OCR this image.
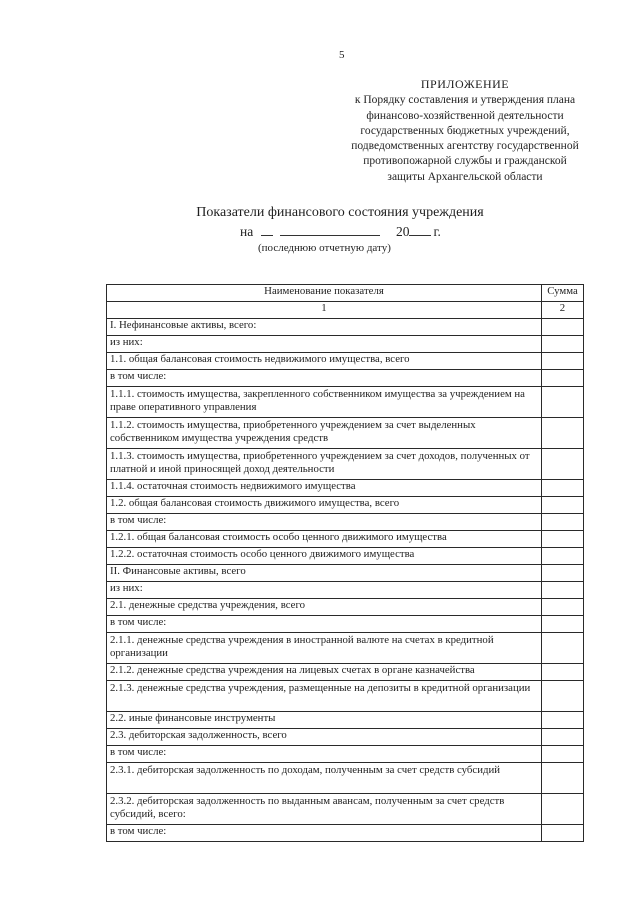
5
ПРИЛОЖЕНИЕ
к Порядку составления и утверждения плана
финансово-хозяйственной деятельности
государственных бюджетных учреждений,
подведомственных агентству государственной
противопожарной службы и гражданской
защиты Архангельской области
Показатели финансового состояния учреждения
на	20 г.
(последнюю отчетную дату)
Наименование показателя	Сумма
1	2
I. Нефинансовые активы, всего:	
из них:	
1.1. общая балансовая стоимость недвижимого имущества, всего	
в том числе:	
1.1.1. стоимость имущества, закрепленного собственником имущества за учреждением на праве оперативного управления	
1.1.2. стоимость имущества, приобретенного учреждением за счет выделенных собственником имущества учреждения средств	
1.1.3. стоимость имущества, приобретенного учреждением за счет доходов, полученных от платной и иной приносящей доход деятельности	
1.1.4. остаточная стоимость недвижимого имущества	
1.2. общая балансовая стоимость движимого имущества, всего	
в том числе:	
1.2.1. общая балансовая стоимость особо ценного движимого имущества	
1.2.2. остаточная стоимость особо ценного движимого имущества	
II. Финансовые активы, всего	
из них:	
2.1. денежные средства учреждения, всего	
в том числе:	
2.1.1. денежные средства учреждения в иностранной валюте на счетах в кредитной организации	
2.1.2. денежные средства учреждения на лицевых счетах в органе казначейства	
2.1.3. денежные средства учреждения, размещенные на депозиты в кредитной организации	
2.2. иные финансовые инструменты	
2.3. дебиторская задолженность, всего	
в том числе:	
2.3.1. дебиторская задолженность по доходам, полученным за счет средств субсидий	
2.3.2. дебиторская задолженность по выданным авансам, полученным за счет средств субсидий, всего:	
в том числе:	
